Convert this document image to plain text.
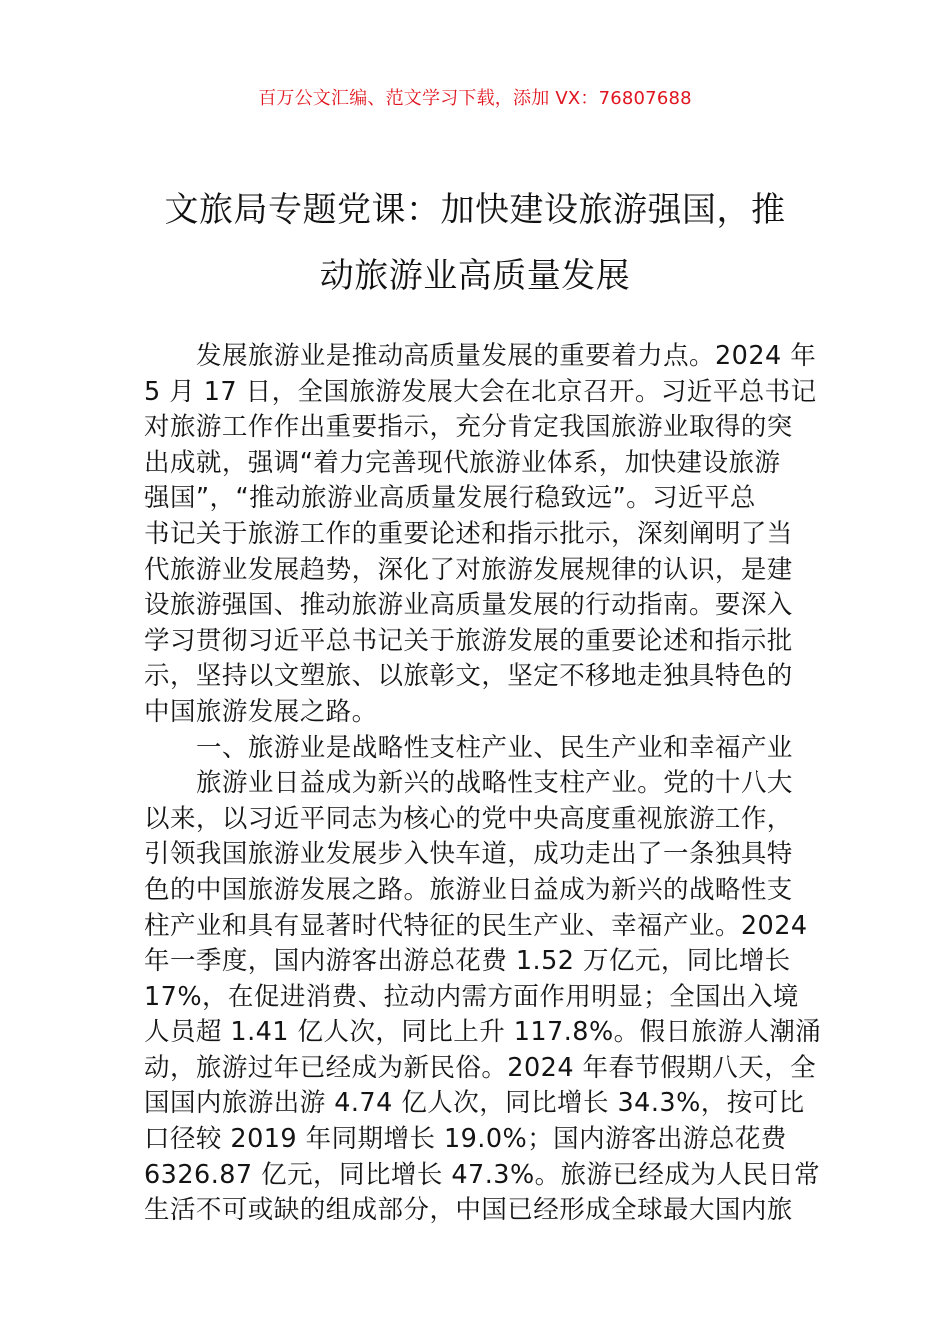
百万公文汇编、范文学习下载，添加 VX：76807688
文旅局专题党课：加快建设旅游强国，推
动旅游业高质量发展
发展旅游业是推动高质量发展的重要着力点。2024 年
5 月 17 日，全国旅游发展大会在北京召开。习近平总书记
对旅游工作作出重要指示，充分肯定我国旅游业取得的突
出成就，强调“着力完善现代旅游业体系，加快建设旅游
强国”，“推动旅游业高质量发展行稳致远”。习近平总
书记关于旅游工作的重要论述和指示批示，深刻阐明了当
代旅游业发展趋势，深化了对旅游发展规律的认识，是建
设旅游强国、推动旅游业高质量发展的行动指南。要深入
学习贯彻习近平总书记关于旅游发展的重要论述和指示批
示，坚持以文塑旅、以旅彰文，坚定不移地走独具特色的
中国旅游发展之路。
一、旅游业是战略性支柱产业、民生产业和幸福产业
旅游业日益成为新兴的战略性支柱产业。党的十八大
以来，以习近平同志为核心的党中央高度重视旅游工作，
引领我国旅游业发展步入快车道，成功走出了一条独具特
色的中国旅游发展之路。旅游业日益成为新兴的战略性支
柱产业和具有显著时代特征的民生产业、幸福产业。2024
年一季度，国内游客出游总花费 1.52 万亿元，同比增长
17%，在促进消费、拉动内需方面作用明显；全国出入境
人员超 1.41 亿人次，同比上升 117.8%。假日旅游人潮涌
动，旅游过年已经成为新民俗。2024 年春节假期八天，全
国国内旅游出游 4.74 亿人次，同比增长 34.3%，按可比
口径较 2019 年同期增长 19.0%；国内游客出游总花费
6326.87 亿元，同比增长 47.3%。旅游已经成为人民日常
生活不可或缺的组成部分，中国已经形成全球最大国内旅
